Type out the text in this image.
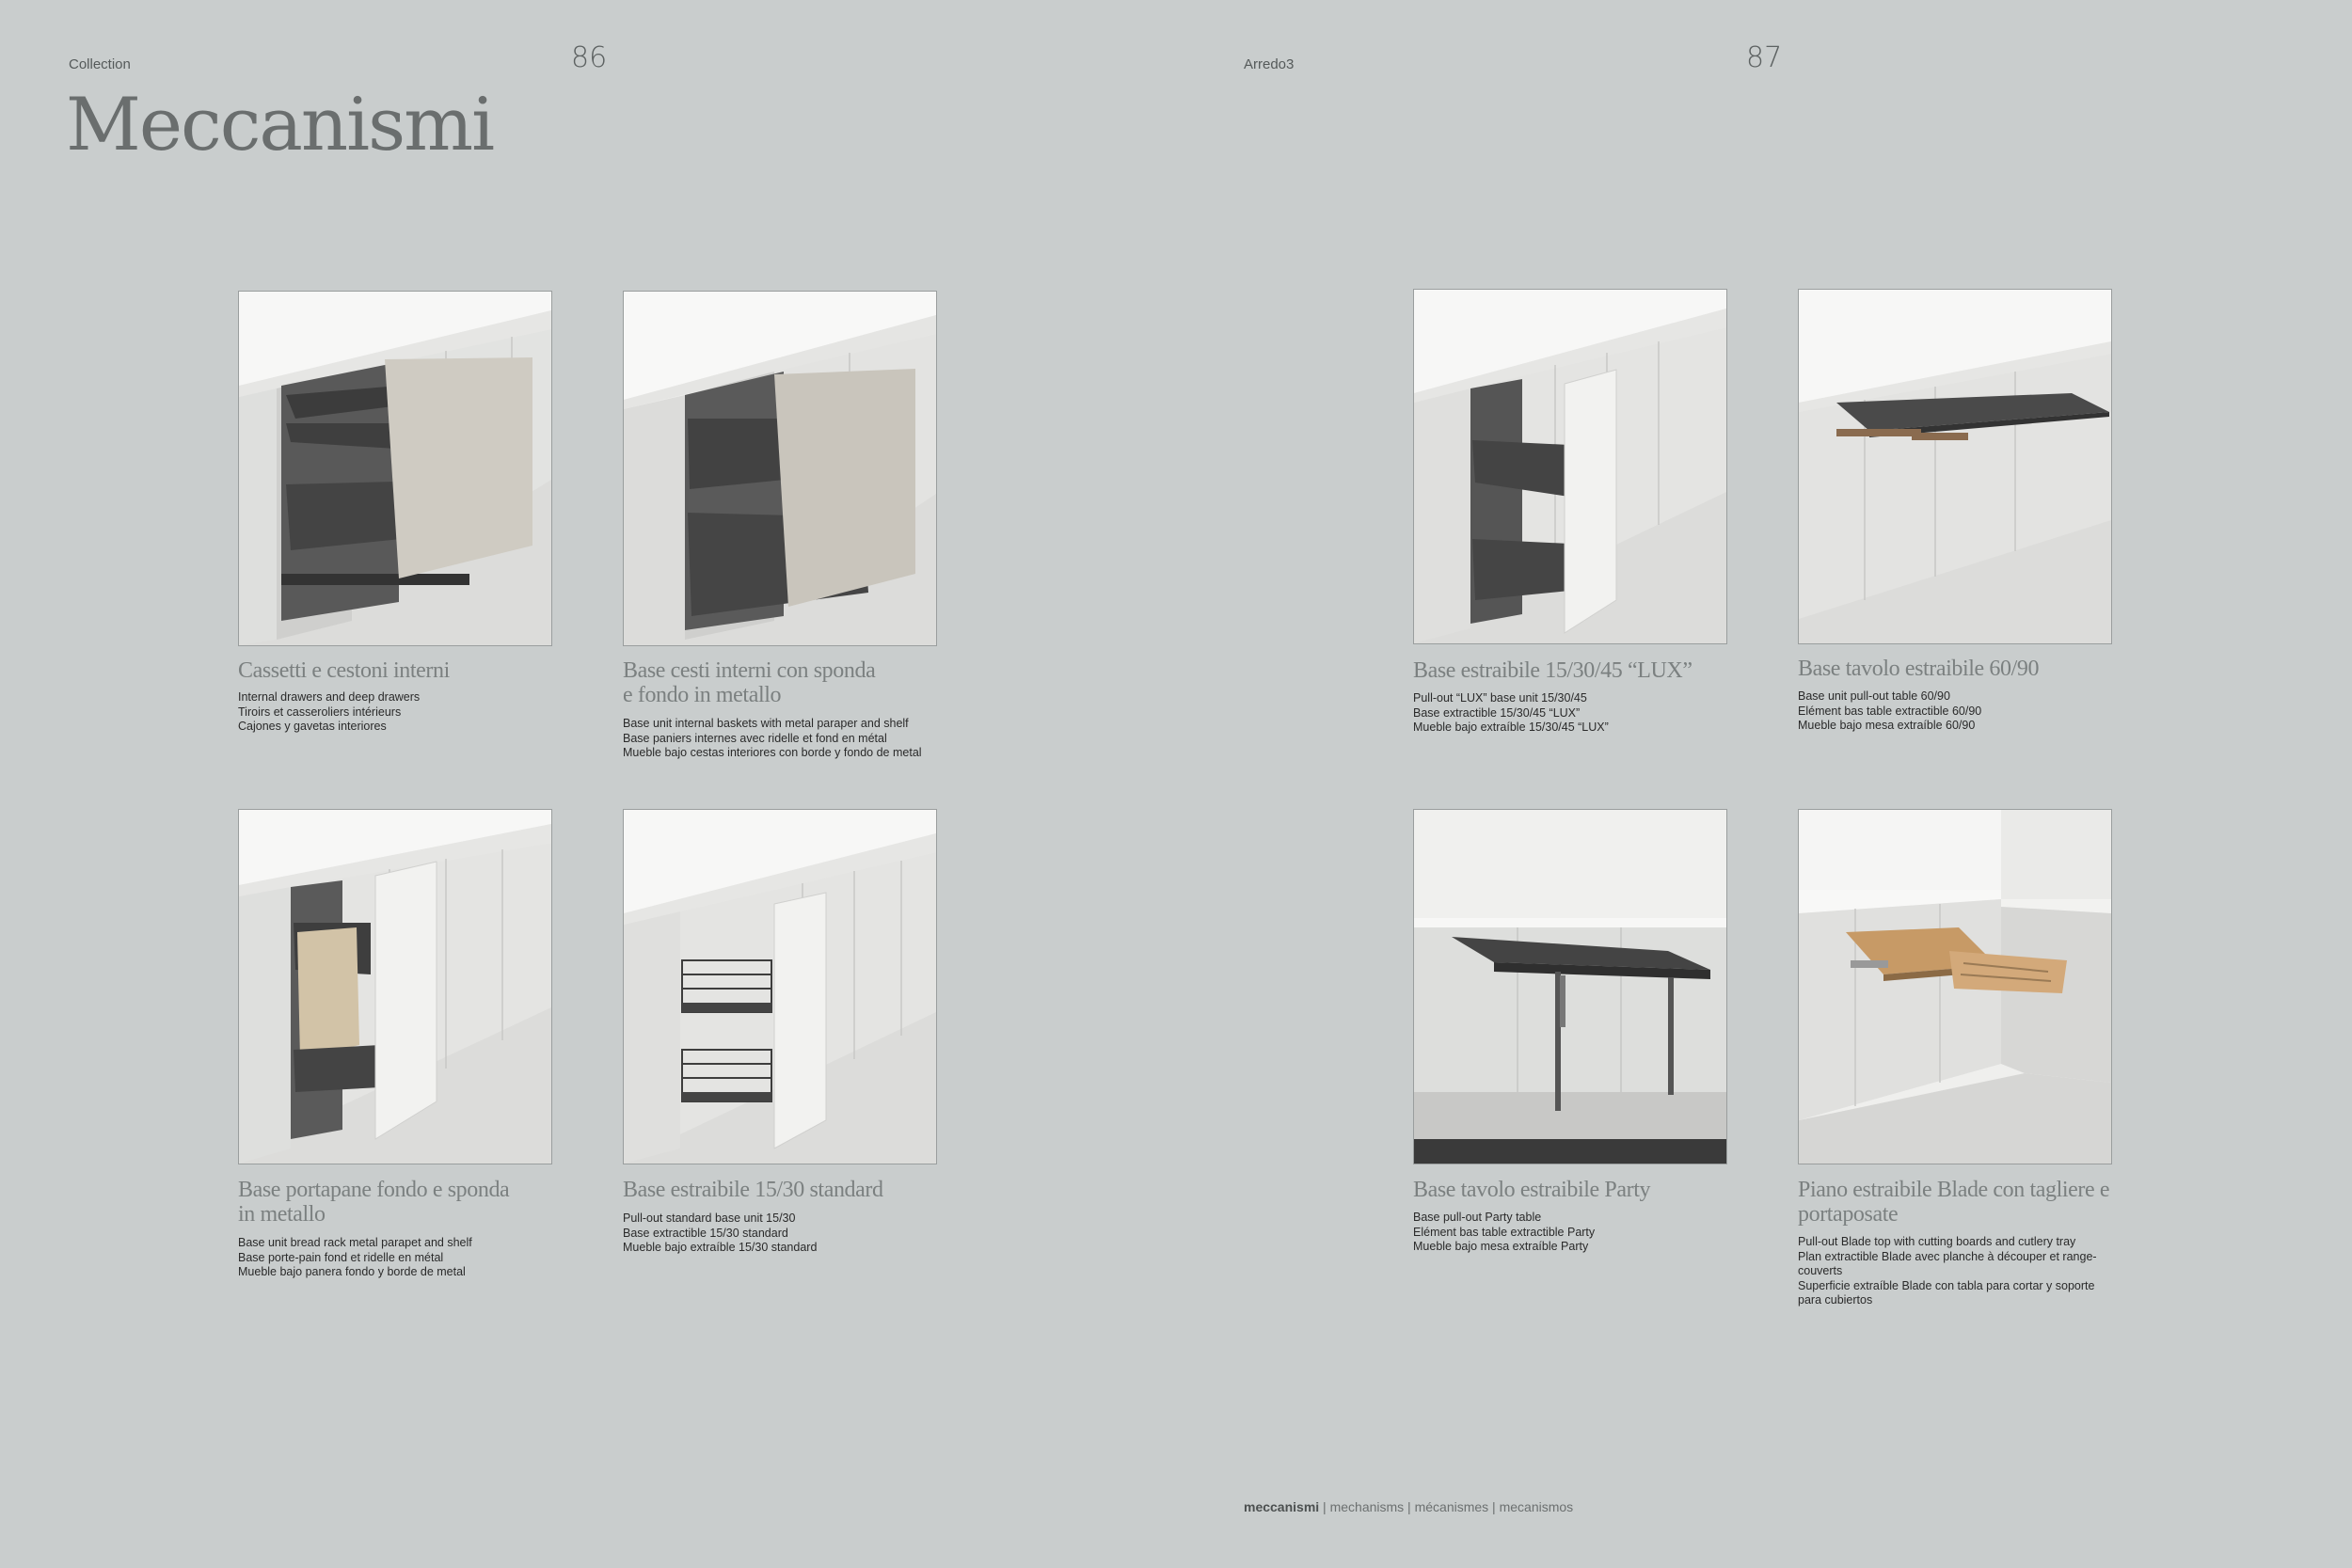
Collection	86	Arredo3	87
Meccanismi
Cassetti e cestoni interni
Internal drawers and deep drawers
Tiroirs et casseroliers intérieurs
Cajones y gavetas interiores
Base cesti interni con sponda
e fondo in metallo
Base unit internal baskets with metal paraper and shelf
Base paniers internes avec ridelle et fond en métal
Mueble bajo cestas interiores con borde y fondo de metal
Base estraibile 15/30/45 “LUX”
Pull-out “LUX” base unit 15/30/45
Base extractible 15/30/45 “LUX”
Mueble bajo extraíble 15/30/45 “LUX”
Base tavolo estraibile 60/90
Base unit pull-out table 60/90
Elément bas table extractible 60/90
Mueble bajo mesa extraíble 60/90
Base portapane fondo e sponda
in metallo
Base unit bread rack metal parapet and shelf
Base porte-pain fond et ridelle en métal
Mueble bajo panera fondo y borde de metal
Base estraibile 15/30 standard
Pull-out standard base unit 15/30
Base extractible 15/30 standard
Mueble bajo extraíble 15/30 standard
Base tavolo estraibile Party
Base pull-out Party table
Elément bas table extractible Party
Mueble bajo mesa extraíble Party
Piano estraibile Blade con tagliere e
portaposate
Pull-out Blade top with cutting boards and cutlery tray
Plan extractible Blade avec planche à découper et range-
couverts
Superficie extraíble Blade con tabla para cortar y soporte
para cubiertos
meccanismi | mechanisms | mécanismes | mecanismos
